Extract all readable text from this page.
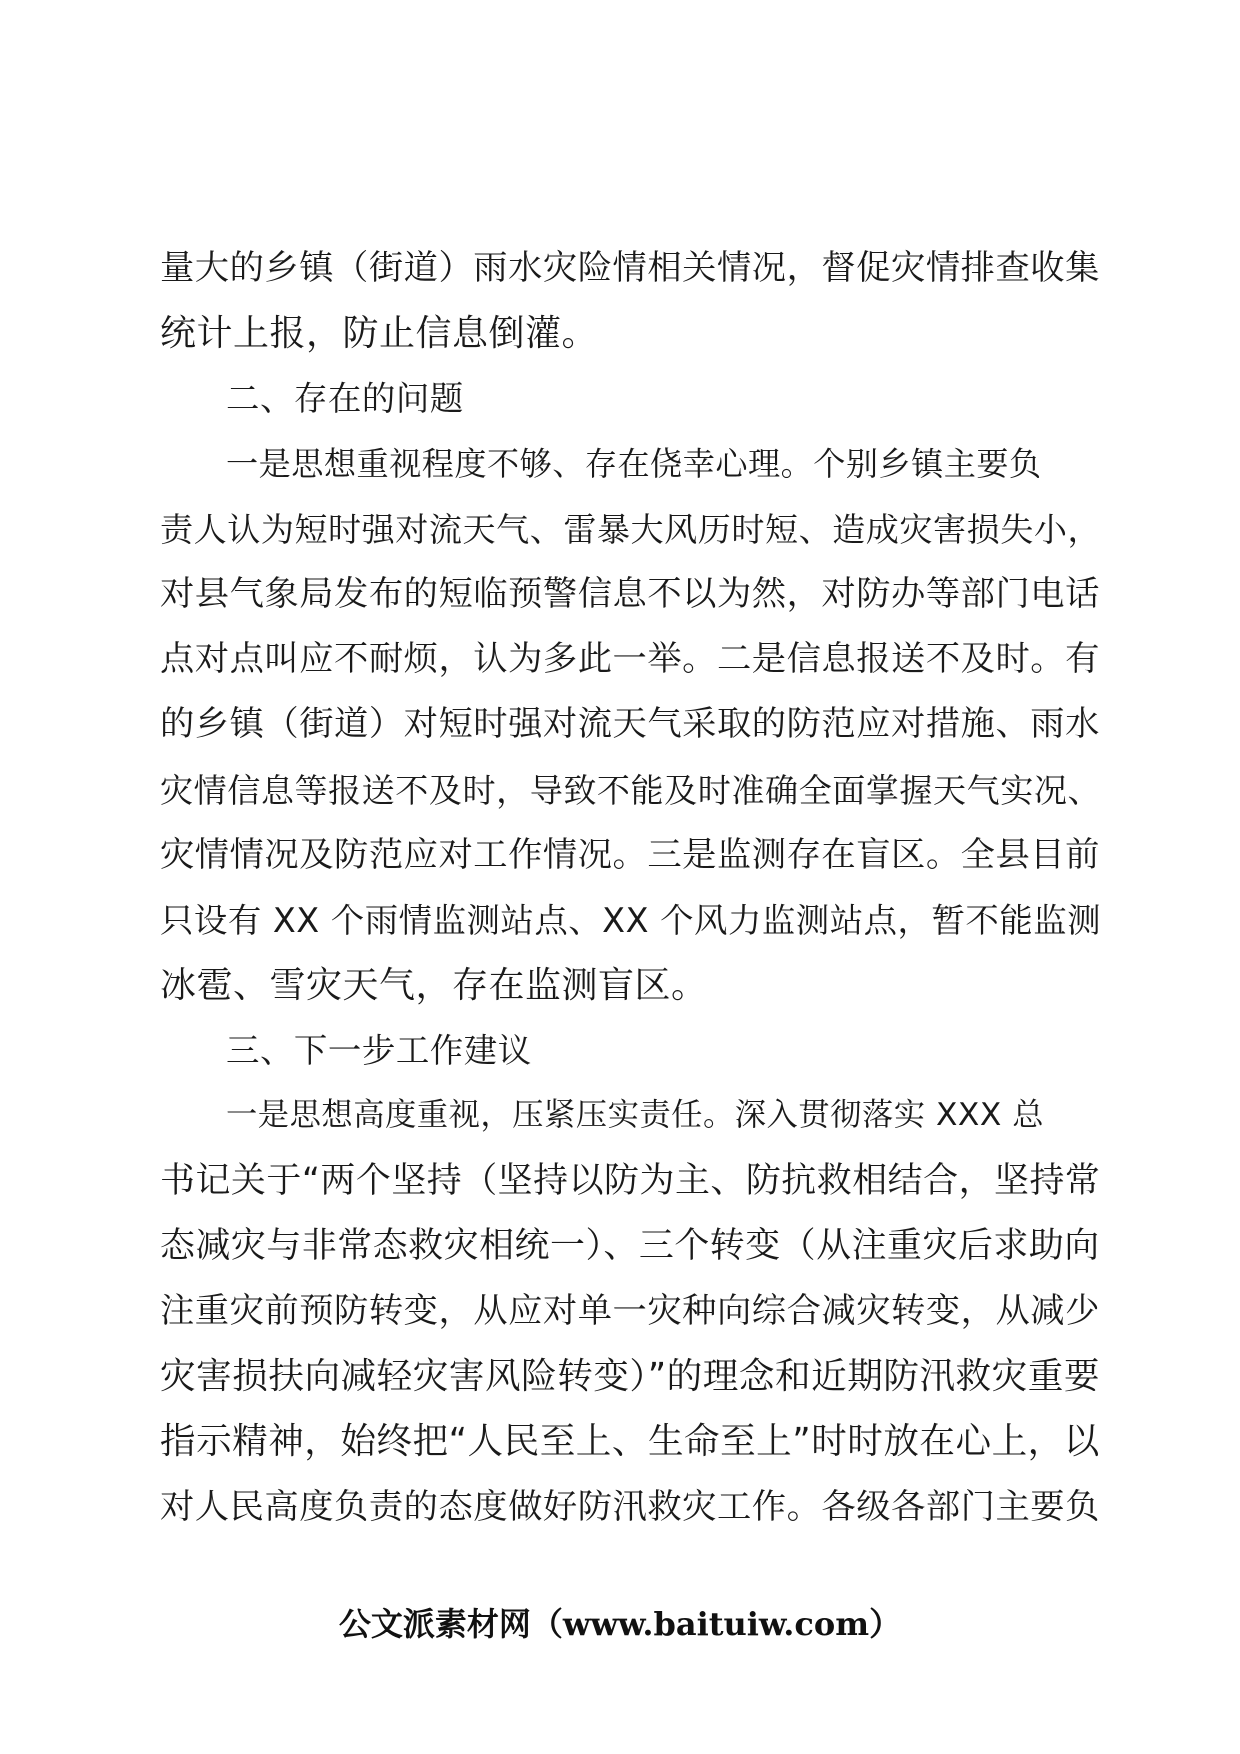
量大的乡镇（街道）雨水灾险情相关情况，督促灾情排查收集
统计上报，防止信息倒灌。
二、存在的问题
一是思想重视程度不够、存在侥幸心理。个别乡镇主要负
责人认为短时强对流天气、雷暴大风历时短、造成灾害损失小，
对县气象局发布的短临预警信息不以为然，对防办等部门电话
点对点叫应不耐烦，认为多此一举。二是信息报送不及时。有
的乡镇（街道）对短时强对流天气采取的防范应对措施、雨水
灾情信息等报送不及时，导致不能及时准确全面掌握天气实况、
灾情情况及防范应对工作情况。三是监测存在盲区。全县目前
只设有 XX 个雨情监测站点、XX 个风力监测站点，暂不能监测
冰雹、雪灾天气，存在监测盲区。
三、下一步工作建议
一是思想高度重视，压紧压实责任。深入贯彻落实 XXX 总
书记关于“两个坚持（坚持以防为主、防抗救相结合，坚持常
态减灾与非常态救灾相统一）、三个转变（从注重灾后求助向
注重灾前预防转变，从应对单一灾种向综合减灾转变，从减少
灾害损扶向减轻灾害风险转变）”的理念和近期防汛救灾重要
指示精神，始终把“人民至上、生命至上”时时放在心上，以
对人民高度负责的态度做好防汛救灾工作。各级各部门主要负
公文派素材网（www.baituiw.com）
